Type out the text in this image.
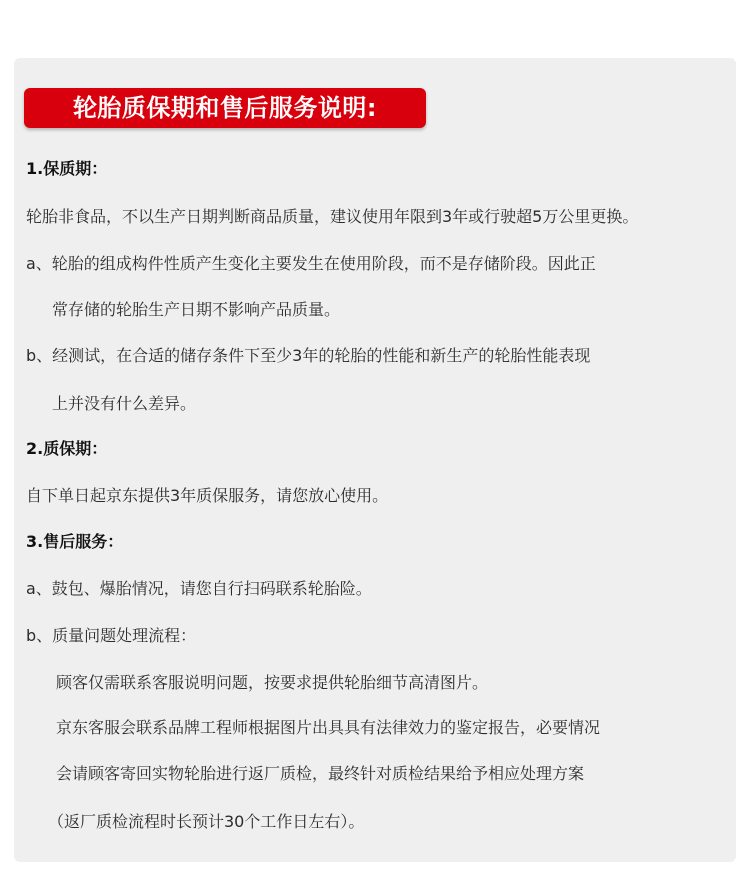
轮胎质保期和售后服务说明:
1.保质期：
轮胎非食品，不以生产日期判断商品质量，建议使用年限到3年或行驶超5万公里更换。
a、轮胎的组成构件性质产生变化主要发生在使用阶段，而不是存储阶段。因此正
常存储的轮胎生产日期不影响产品质量。
b、经测试，在合适的储存条件下至少3年的轮胎的性能和新生产的轮胎性能表现
上并没有什么差异。
2.质保期：
自下单日起京东提供3年质保服务，请您放心使用。
3.售后服务：
a、鼓包、爆胎情况，请您自行扫码联系轮胎险。
b、质量问题处理流程：
顾客仅需联系客服说明问题，按要求提供轮胎细节高清图片。
京东客服会联系品牌工程师根据图片出具具有法律效力的鉴定报告，必要情况
会请顾客寄回实物轮胎进行返厂质检，最终针对质检结果给予相应处理方案
（返厂质检流程时长预计30个工作日左右）。
